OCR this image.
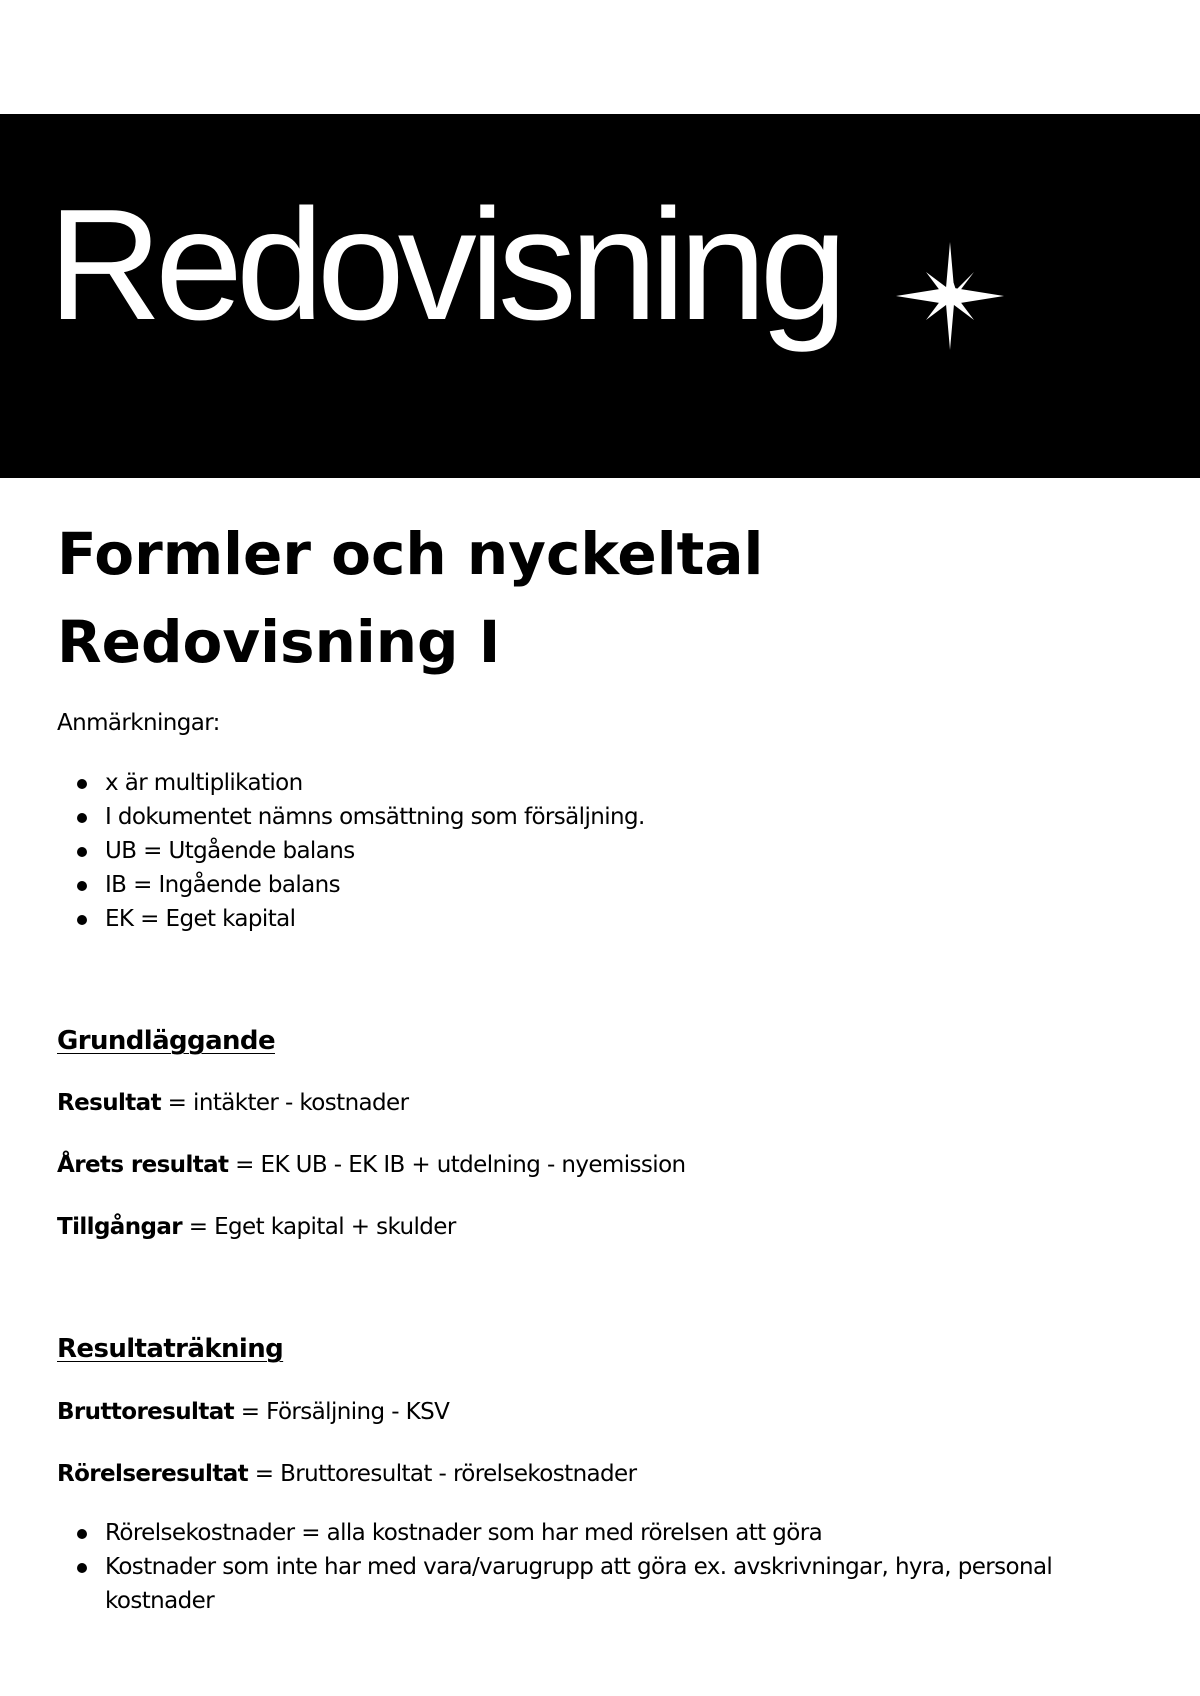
Redovisning
Formler och nyckeltal
Redovisning I

Anmärkningar:

x är multiplikation
I dokumentet nämns omsättning som försäljning.
UB = Utgående balans
IB = Ingående balans
EK = Eget kapital
Grundläggande

Resultat = intäkter - kostnader

Årets resultat = EK UB - EK IB + utdelning - nyemission

Tillgångar = Eget kapital + skulder

Resultaträkning

Bruttoresultat = Försäljning - KSV

Rörelseresultat = Bruttoresultat - rörelsekostnader

Rörelsekostnader = alla kostnader som har med rörelsen att göra
Kostnader som inte har med vara/varugrupp att göra ex. avskrivningar, hyra, personal kostnader
